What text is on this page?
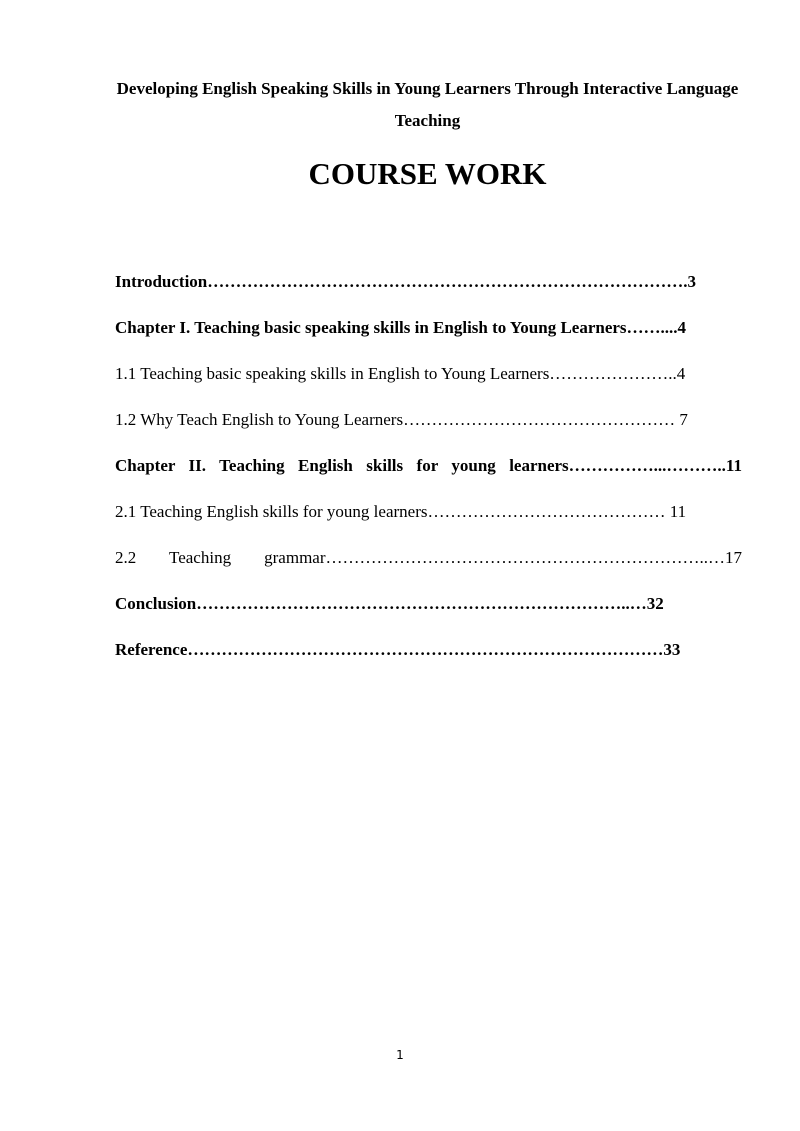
Developing English Speaking Skills in Young Learners Through Interactive Language Teaching

COURSE WORK
Introduction………………………………………………………………………….3
Chapter I. Teaching basic speaking skills in English to Young Learners……....4
1.1 Teaching basic speaking skills in English to Young Learners…………………..4
1.2 Why Teach English to Young Learners………………………………………… 7
Chapter II. Teaching English skills for young learners……………...………..11
2.1 Teaching English skills for young learners…………………………………… 11
2.2 Teaching grammar…………………………………………………………..…17
Conclusion…………………………………………………………………..…32
Reference…………………………………………………………………………33

1
